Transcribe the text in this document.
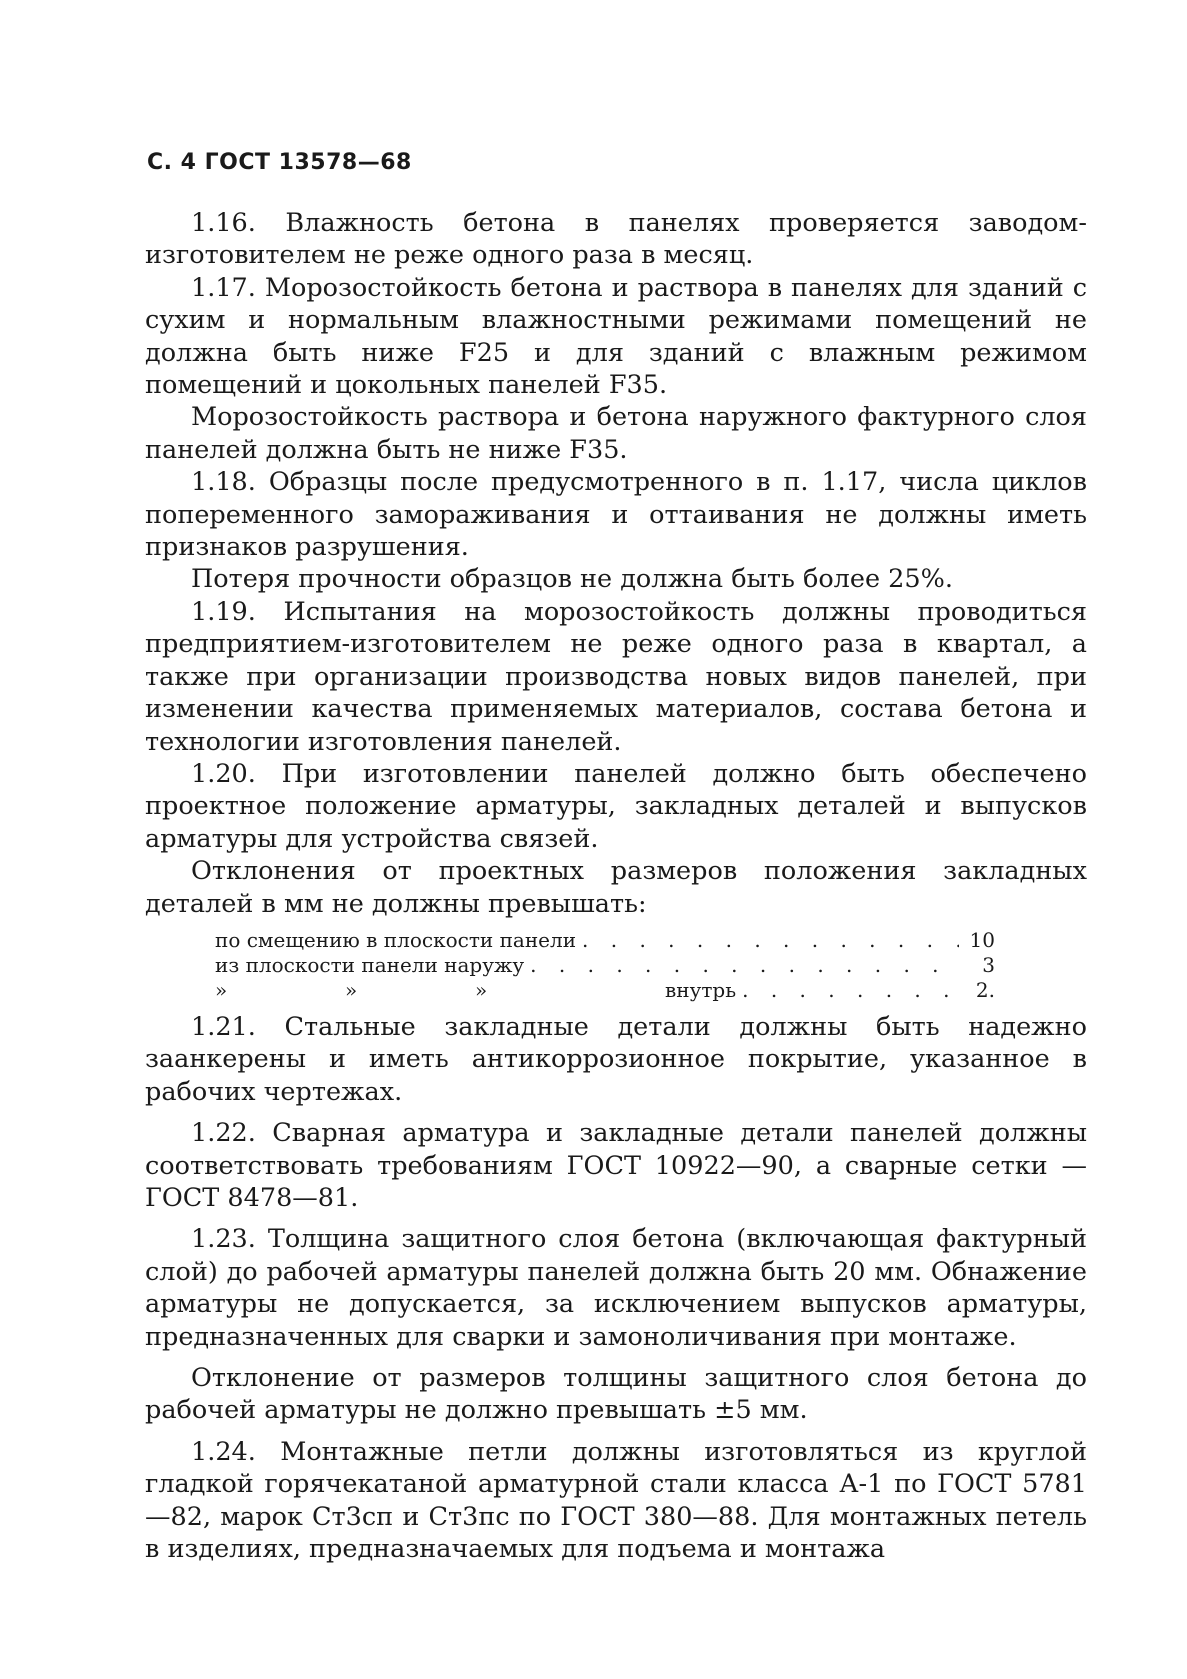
С. 4 ГОСТ 13578—68

1.16. Влажность бетона в панелях проверяется заводом-изготовителем не реже одного раза в месяц.

1.17. Морозостойкость бетона и раствора в панелях для зданий с сухим и нормальным влажностными режимами помещений не должна быть ниже F25 и для зданий с влажным режимом помещений и цокольных панелей F35.

Морозостойкость раствора и бетона наружного фактурного слоя панелей должна быть не ниже F35.

1.18. Образцы после предусмотренного в п. 1.17, числа циклов попеременного замораживания и оттаивания не должны иметь признаков разрушения.

Потеря прочности образцов не должна быть более 25%.

1.19. Испытания на морозостойкость должны проводиться предприятием-изготовителем не реже одного раза в квартал, а также при организации производства новых видов панелей, при изменении качества применяемых материалов, состава бетона и технологии изготовления панелей.

1.20. При изготовлении панелей должно быть обеспечено проектное положение арматуры, закладных деталей и выпусков арматуры для устройства связей.

Отклонения от проектных размеров положения закладных деталей в мм не должны превышать:

по смещению в плоскости панели . . .	10
из плоскости панели наружу . . .	3
»	»	»	внутрь . . .	2.

1.21. Стальные закладные детали должны быть надежно заанкерены и иметь антикоррозионное покрытие, указанное в рабочих чертежах.

1.22. Сварная арматура и закладные детали панелей должны соответствовать требованиям ГОСТ 10922—90, а сварные сетки — ГОСТ 8478—81.

1.23. Толщина защитного слоя бетона (включающая фактурный слой) до рабочей арматуры панелей должна быть 20 мм. Обнажение арматуры не допускается, за исключением выпусков арматуры, предназначенных для сварки и замоноличивания при монтаже.

Отклонение от размеров толщины защитного слоя бетона до рабочей арматуры не должно превышать ±5 мм.

1.24. Монтажные петли должны изготовляться из круглой гладкой горячекатаной арматурной стали класса А-1 по ГОСТ 5781—82, марок Ст3сп и Ст3пс по ГОСТ 380—88. Для монтажных петель в изделиях, предназначаемых для подъема и монтажа
